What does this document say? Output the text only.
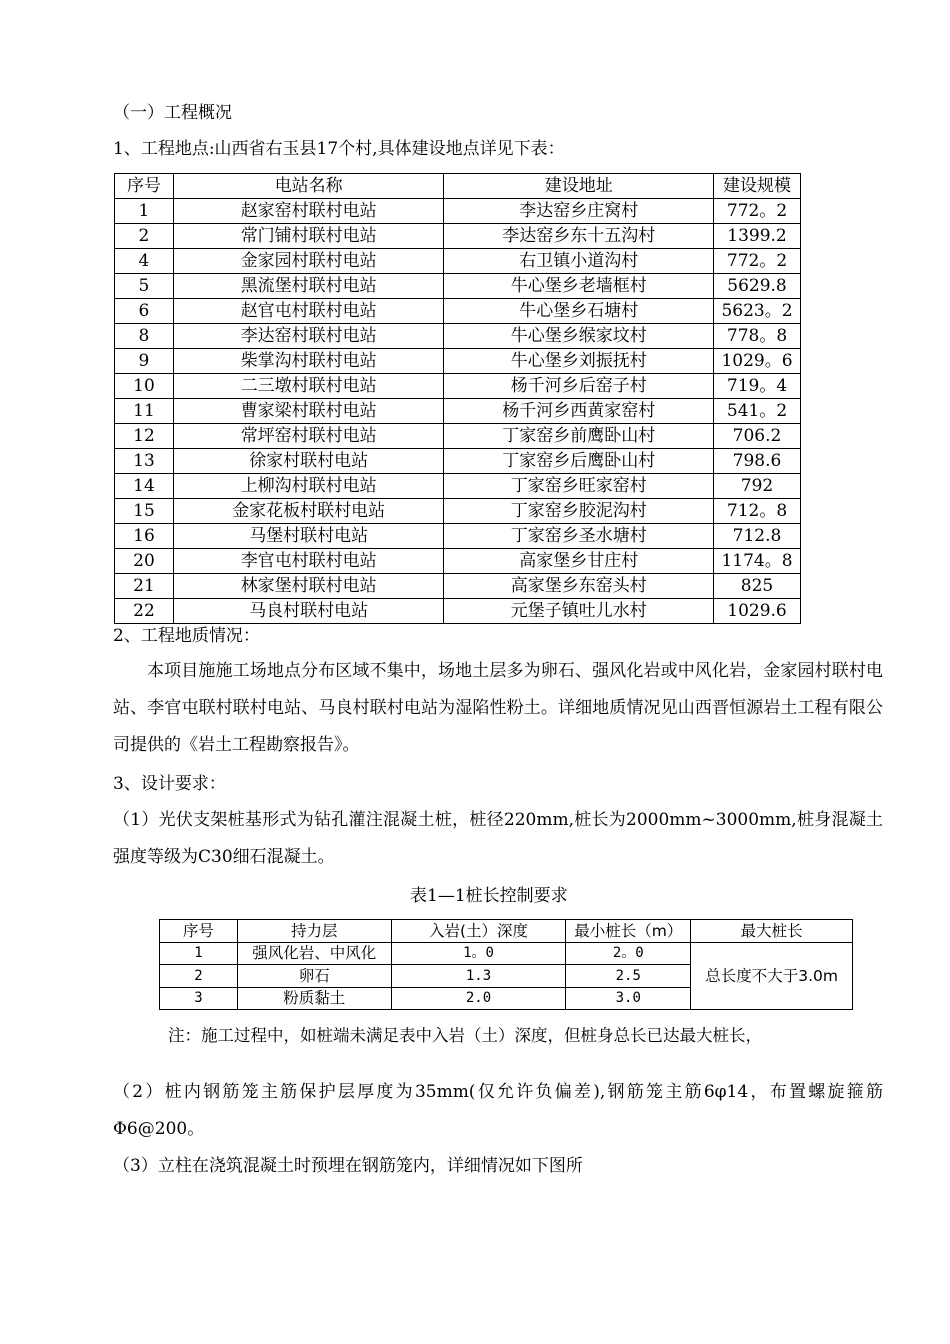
（一）工程概况
1、工程地点:山西省右玉县17个村,具体建设地点详见下表：
序号	电站名称	建设地址	建设规模
1	赵家窑村联村电站	李达窑乡庄窝村	772。2
2	常门铺村联村电站	李达窑乡东十五沟村	1399.2
4	金家园村联村电站	右卫镇小道沟村	772。2
5	黑流堡村联村电站	牛心堡乡老墙框村	5629.8
6	赵官屯村联村电站	牛心堡乡石塘村	5623。2
8	李达窑村联村电站	牛心堡乡缑家坟村	778。8
9	柴掌沟村联村电站	牛心堡乡刘振抚村	1029。6
10	二三墩村联村电站	杨千河乡后窑子村	719。4
11	曹家梁村联村电站	杨千河乡西黄家窑村	541。2
12	常坪窑村联村电站	丁家窑乡前鹰卧山村	706.2
13	徐家村联村电站	丁家窑乡后鹰卧山村	798.6
14	上柳沟村联村电站	丁家窑乡旺家窑村	792
15	金家花板村联村电站	丁家窑乡胶泥沟村	712。8
16	马堡村联村电站	丁家窑乡圣水塘村	712.8
20	李官屯村联村电站	高家堡乡甘庄村	1174。8
21	林家堡村联村电站	高家堡乡东窑头村	825
22	马良村联村电站	元堡子镇吐儿水村	1029.6
2、工程地质情况：
本项目施施工场地点分布区域不集中，场地土层多为卵石、强风化岩或中风化岩，金家园村联村电站、李官屯联村联村电站、马良村联村电站为湿陷性粉土。详细地质情况见山西晋恒源岩土工程有限公司提供的《岩土工程勘察报告》。
3、设计要求：
（1）光伏支架桩基形式为钻孔灌注混凝土桩，桩径220mm,桩长为2000mm~3000mm,桩身混凝土强度等级为C30细石混凝土。
表1—1桩长控制要求
序号	持力层	入岩(土）深度	最小桩长（m）	最大桩长
1	强风化岩、中风化	1。0	2。0	总长度不大于3.0m
2	卵石	1.3	2.5	
3	粉质黏土	2.0	3.0	
注：施工过程中，如桩端未满足表中入岩（土）深度，但桩身总长已达最大桩长，
（2）桩内钢筋笼主筋保护层厚度为35mm(仅允许负偏差),钢筋笼主筋6φ14，布置螺旋箍筋Φ6@200。
（3）立柱在浇筑混凝土时预埋在钢筋笼内，详细情况如下图所
